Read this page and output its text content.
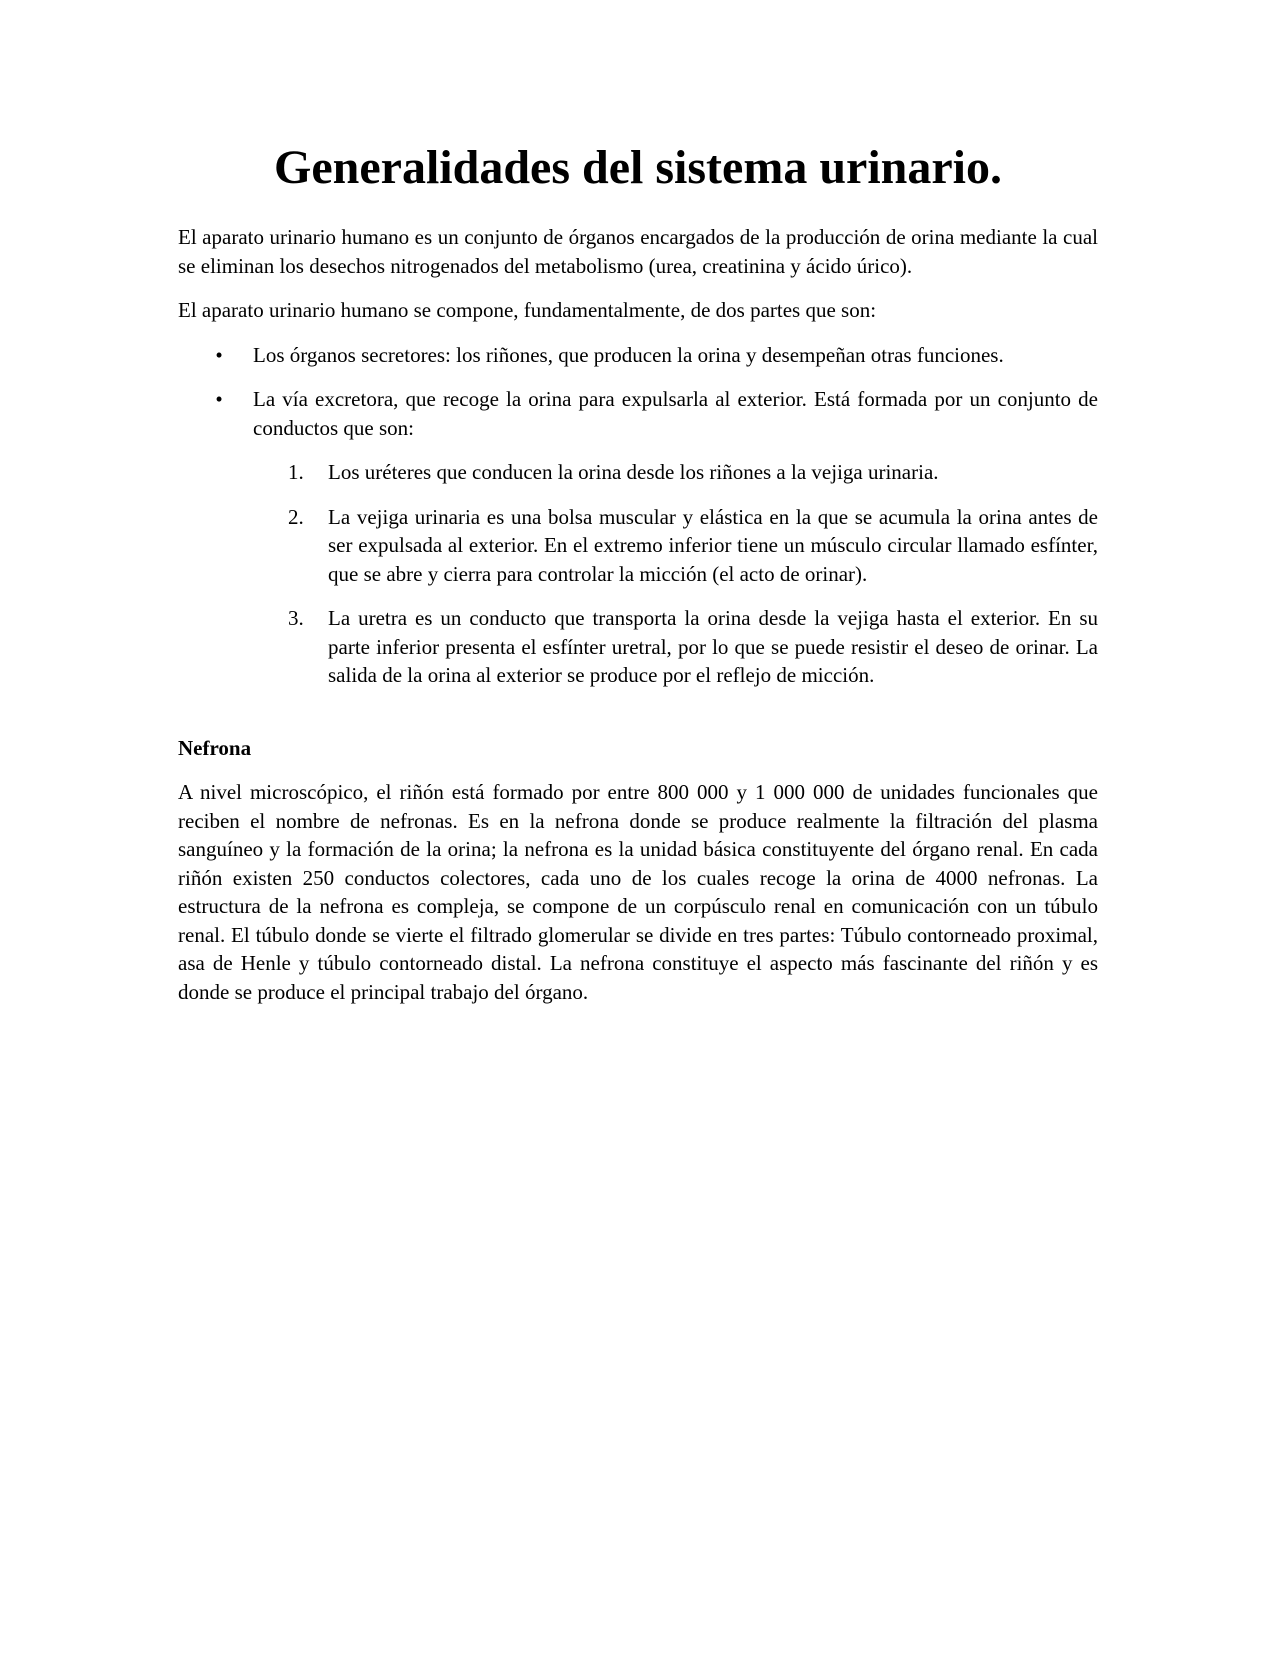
Generalidades del sistema urinario.

El aparato urinario humano es un conjunto de órganos encargados de la producción de orina mediante la cual se eliminan los desechos nitrogenados del metabolismo (urea, creatinina y ácido úrico).

El aparato urinario humano se compone, fundamentalmente, de dos partes que son:

• Los órganos secretores: los riñones, que producen la orina y desempeñan otras funciones.
• La vía excretora, que recoge la orina para expulsarla al exterior. Está formada por un conjunto de conductos que son:
1. Los uréteres que conducen la orina desde los riñones a la vejiga urinaria.
2. La vejiga urinaria es una bolsa muscular y elástica en la que se acumula la orina antes de ser expulsada al exterior. En el extremo inferior tiene un músculo circular llamado esfínter, que se abre y cierra para controlar la micción (el acto de orinar).
3. La uretra es un conducto que transporta la orina desde la vejiga hasta el exterior. En su parte inferior presenta el esfínter uretral, por lo que se puede resistir el deseo de orinar. La salida de la orina al exterior se produce por el reflejo de micción.
Nefrona

A nivel microscópico, el riñón está formado por entre 800 000 y 1 000 000 de unidades funcionales que reciben el nombre de nefronas. Es en la nefrona donde se produce realmente la filtración del plasma sanguíneo y la formación de la orina; la nefrona es la unidad básica constituyente del órgano renal. En cada riñón existen 250 conductos colectores, cada uno de los cuales recoge la orina de 4000 nefronas. La estructura de la nefrona es compleja, se compone de un corpúsculo renal en comunicación con un túbulo renal. El túbulo donde se vierte el filtrado glomerular se divide en tres partes: Túbulo contorneado proximal, asa de Henle y túbulo contorneado distal. La nefrona constituye el aspecto más fascinante del riñón y es donde se produce el principal trabajo del órgano.
